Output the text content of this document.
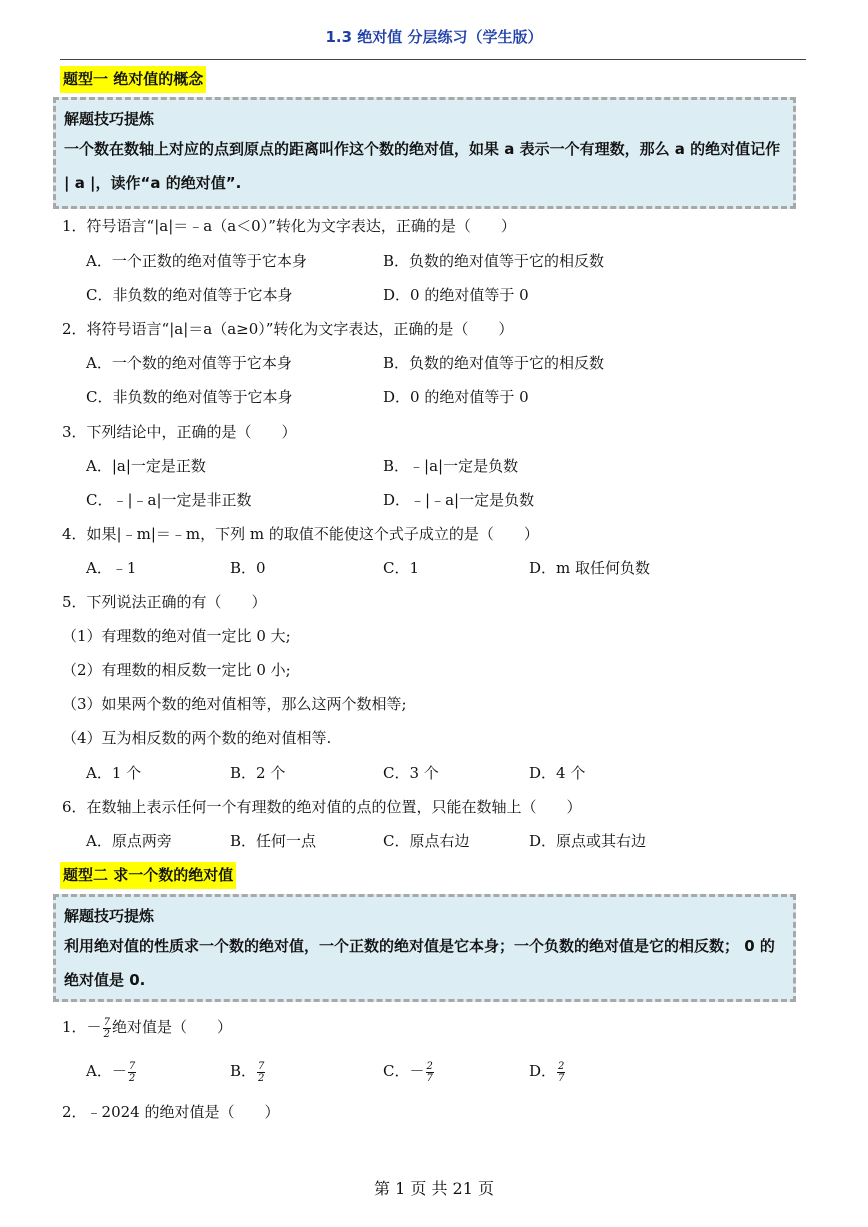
1.3 绝对值 分层练习（学生版）
题型一 绝对值的概念
解题技巧提炼
一个数在数轴上对应的点到原点的距离叫作这个数的绝对值，如果 a 表示一个有理数，那么 a 的绝对值记作 | a |，读作“a 的绝对值”.
1．符号语言“|a|＝﹣a（a＜0）”转化为文字表达，正确的是（　　）
A．一个正数的绝对值等于它本身	B．负数的绝对值等于它的相反数
C．非负数的绝对值等于它本身	D．0 的绝对值等于 0
2．将符号语言“|a|＝a（a≥0）”转化为文字表达，正确的是（　　）
A．一个数的绝对值等于它本身	B．负数的绝对值等于它的相反数
C．非负数的绝对值等于它本身	D．0 的绝对值等于 0
3．下列结论中，正确的是（　　）
A．|a|一定是正数	B．﹣|a|一定是负数
C．﹣|﹣a|一定是非正数	D．﹣|﹣a|一定是负数
4．如果|﹣m|＝﹣m，下列 m 的取值不能使这个式子成立的是（　　）
A．﹣1	B．0	C．1	D．m 取任何负数
5．下列说法正确的有（　　）
（1）有理数的绝对值一定比 0 大;
（2）有理数的相反数一定比 0 小;
（3）如果两个数的绝对值相等，那么这两个数相等;
（4）互为相反数的两个数的绝对值相等.
A．1 个	B．2 个	C．3 个	D．4 个
6．在数轴上表示任何一个有理数的绝对值的点的位置，只能在数轴上（　　）
A．原点两旁	B．任何一点	C．原点右边	D．原点或其右边
题型二 求一个数的绝对值
解题技巧提炼
利用绝对值的性质求一个数的绝对值，一个正数的绝对值是它本身；一个负数的绝对值是它的相反数； 0 的绝对值是 0.
1．－ $\frac{7}{2}$ 绝对值是（　　）
A．－ $\frac{7}{2}$	B． $\frac{7}{2}$	C．－ $\frac{2}{7}$	D． $\frac{2}{7}$
2．﹣2024 的绝对值是（　　）
第 1 页 共 21 页
